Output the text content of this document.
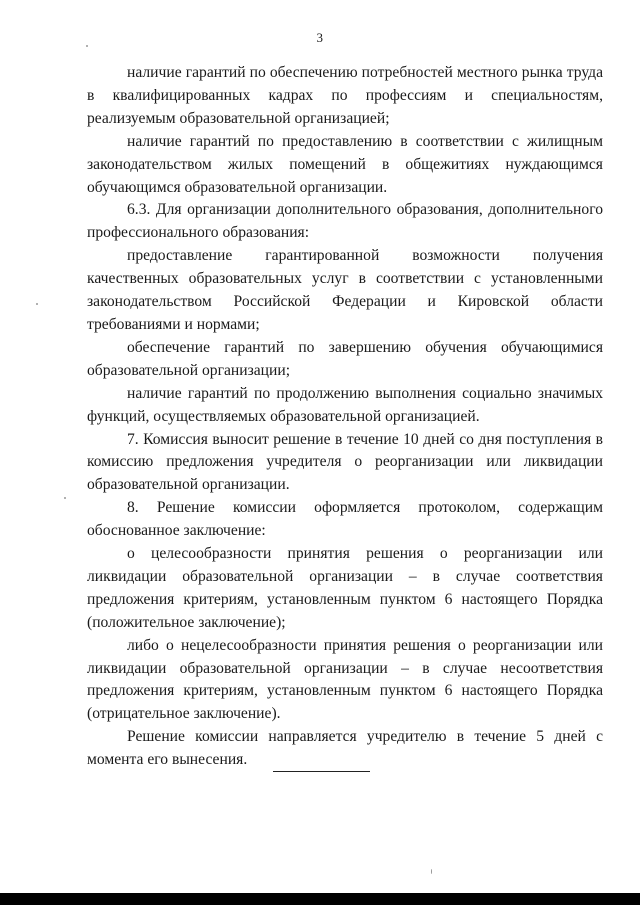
3

наличие гарантий по обеспечению потребностей местного рынка труда в квалифицированных кадрах по профессиям и специальностям, реализуемым образовательной организацией;

наличие гарантий по предоставлению в соответствии с жилищным законодательством жилых помещений в общежитиях нуждающимся обучающимся образовательной организации.

6.3. Для организации дополнительного образования, дополнительного профессионального образования:

предоставление гарантированной возможности получения качественных образовательных услуг в соответствии с установленными законодательством Российской Федерации и Кировской области требованиями и нормами;

обеспечение гарантий по завершению обучения обучающимися образовательной организации;

наличие гарантий по продолжению выполнения социально значимых функций, осуществляемых образовательной организацией.

7. Комиссия выносит решение в течение 10 дней со дня поступления в комиссию предложения учредителя о реорганизации или ликвидации образовательной организации.

8. Решение комиссии оформляется протоколом, содержащим обоснованное заключение:

о целесообразности принятия решения о реорганизации или ликвидации образовательной организации – в случае соответствия предложения критериям, установленным пунктом 6 настоящего Порядка (положительное заключение);

либо о нецелесообразности принятия решения о реорганизации или ликвидации образовательной организации – в случае несоответствия предложения критериям, установленным пунктом 6 настоящего Порядка (отрицательное заключение).

Решение комиссии направляется учредителю в течение 5 дней с момента его вынесения.
